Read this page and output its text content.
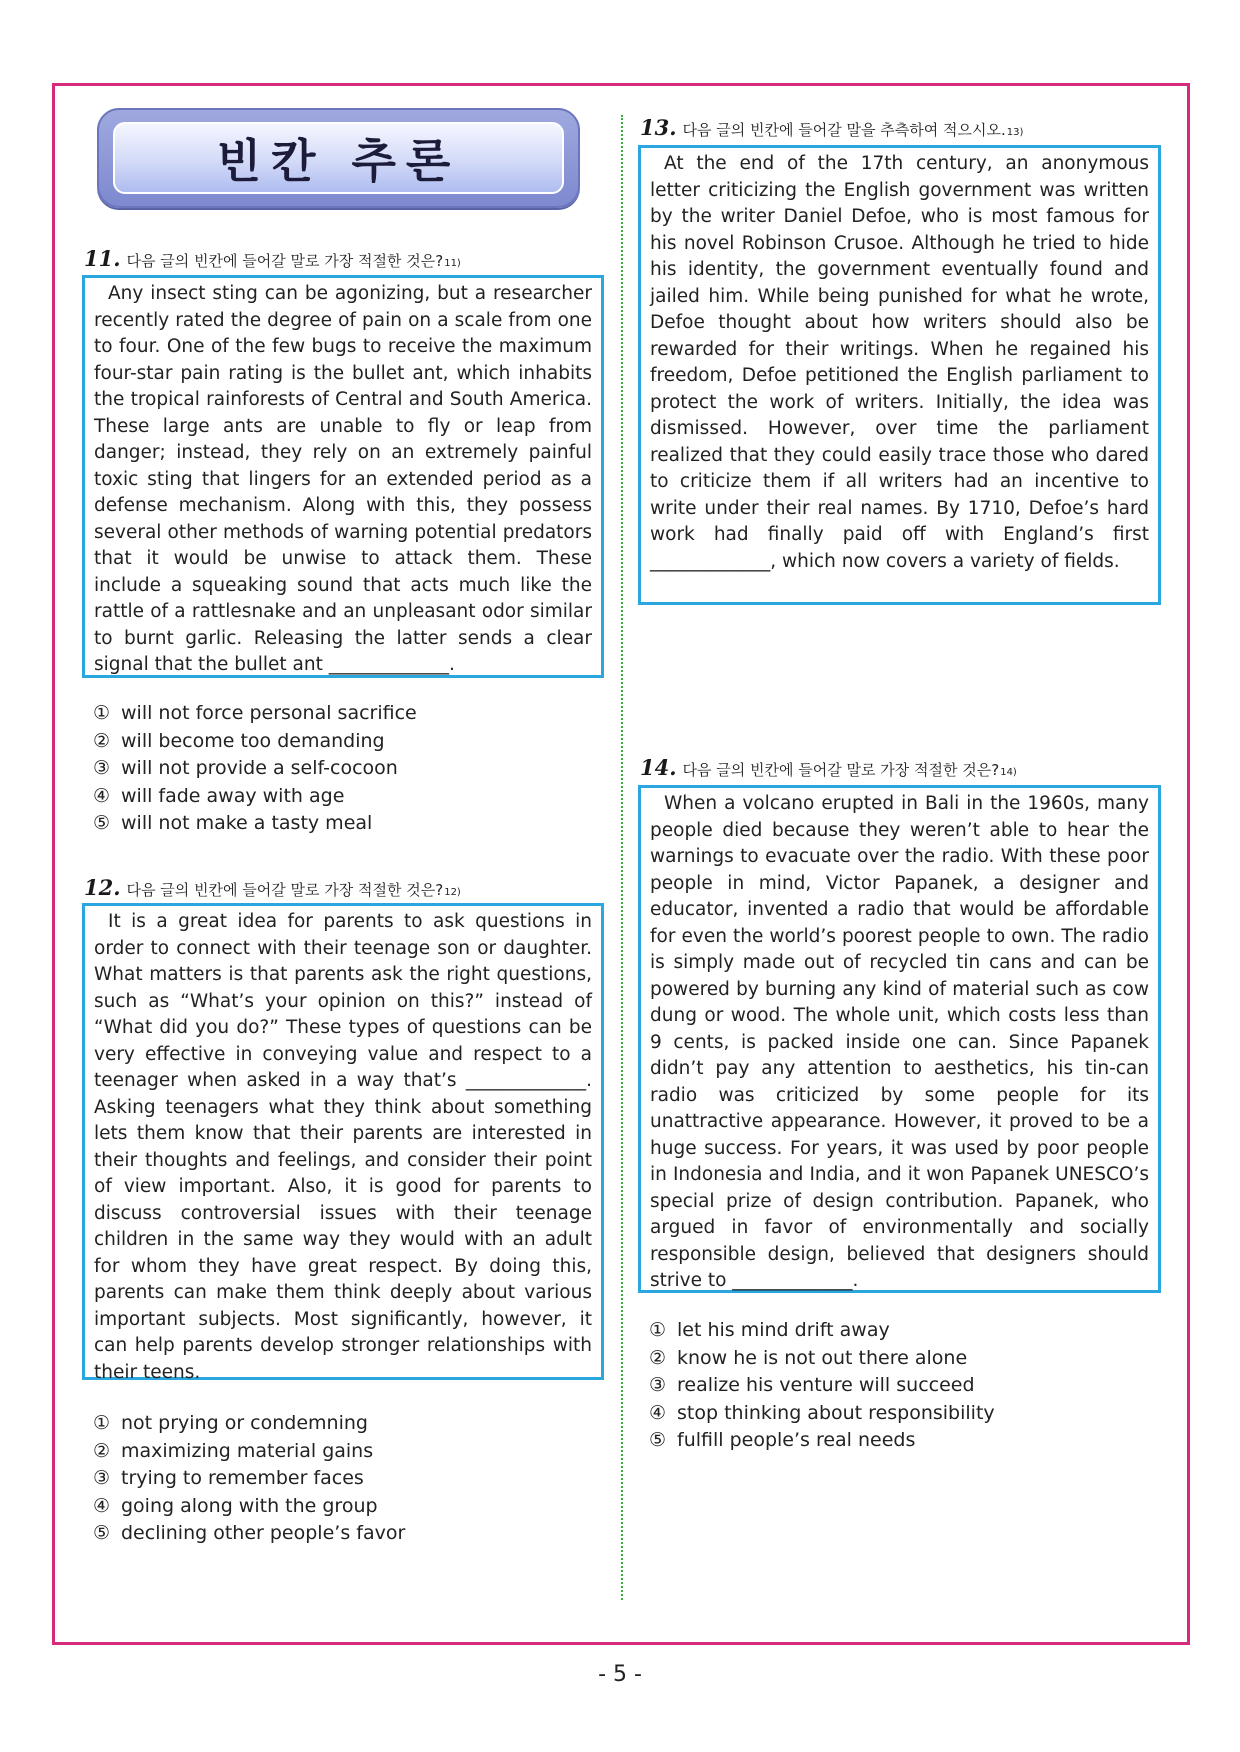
빈칸 추론
11. 다음 글의 빈칸에 들어갈 말로 가장 적절한 것은? 11)

Any insect sting can be agonizing, but a researcher recently rated the degree of pain on a scale from one to four. One of the few bugs to receive the maximum four-star pain rating is the bullet ant, which inhabits the tropical rainforests of Central and South America. These large ants are unable to fly or leap from danger; instead, they rely on an extremely painful toxic sting that lingers for an extended period as a defense mechanism. Along with this, they possess several other methods of warning potential predators that it would be unwise to attack them. These include a squeaking sound that acts much like the rattle of a rattlesnake and an unpleasant odor similar to burnt garlic. Releasing the latter sends a clear signal that the bullet ant _____________.

① will not force personal sacrifice
② will become too demanding
③ will not provide a self-cocoon
④ will fade away with age
⑤ will not make a tasty meal
12. 다음 글의 빈칸에 들어갈 말로 가장 적절한 것은? 12)

It is a great idea for parents to ask questions in order to connect with their teenage son or daughter. What matters is that parents ask the right questions, such as “What’s your opinion on this?” instead of “What did you do?” These types of questions can be very effective in conveying value and respect to a teenager when asked in a way that’s _____________. Asking teenagers what they think about something lets them know that their parents are interested in their thoughts and feelings, and consider their point of view important. Also, it is good for parents to discuss controversial issues with their teenage children in the same way they would with an adult for whom they have great respect. By doing this, parents can make them think deeply about various important subjects. Most significantly, however, it can help parents develop stronger relationships with their teens.

① not prying or condemning
② maximizing material gains
③ trying to remember faces
④ going along with the group
⑤ declining other people’s favor
13. 다음 글의 빈칸에 들어갈 말을 추측하여 적으시오. 13)

At the end of the 17th century, an anonymous letter criticizing the English government was written by the writer Daniel Defoe, who is most famous for his novel Robinson Crusoe. Although he tried to hide his identity, the government eventually found and jailed him. While being punished for what he wrote, Defoe thought about how writers should also be rewarded for their writings. When he regained his freedom, Defoe petitioned the English parliament to protect the work of writers. Initially, the idea was dismissed. However, over time the parliament realized that they could easily trace those who dared to criticize them if all writers had an incentive to write under their real names. By 1710, Defoe’s hard work had finally paid off with England’s first _____________, which now covers a variety of fields.

14. 다음 글의 빈칸에 들어갈 말로 가장 적절한 것은? 14)

When a volcano erupted in Bali in the 1960s, many people died because they weren’t able to hear the warnings to evacuate over the radio. With these poor people in mind, Victor Papanek, a designer and educator, invented a radio that would be affordable for even the world’s poorest people to own. The radio is simply made out of recycled tin cans and can be powered by burning any kind of material such as cow dung or wood. The whole unit, which costs less than 9 cents, is packed inside one can. Since Papanek didn’t pay any attention to aesthetics, his tin-can radio was criticized by some people for its unattractive appearance. However, it proved to be a huge success. For years, it was used by poor people in Indonesia and India, and it won Papanek UNESCO’s special prize of design contribution. Papanek, who argued in favor of environmentally and socially responsible design, believed that designers should strive to _____________.

① let his mind drift away
② know he is not out there alone
③ realize his venture will succeed
④ stop thinking about responsibility
⑤ fulfill people’s real needs
- 5 -
